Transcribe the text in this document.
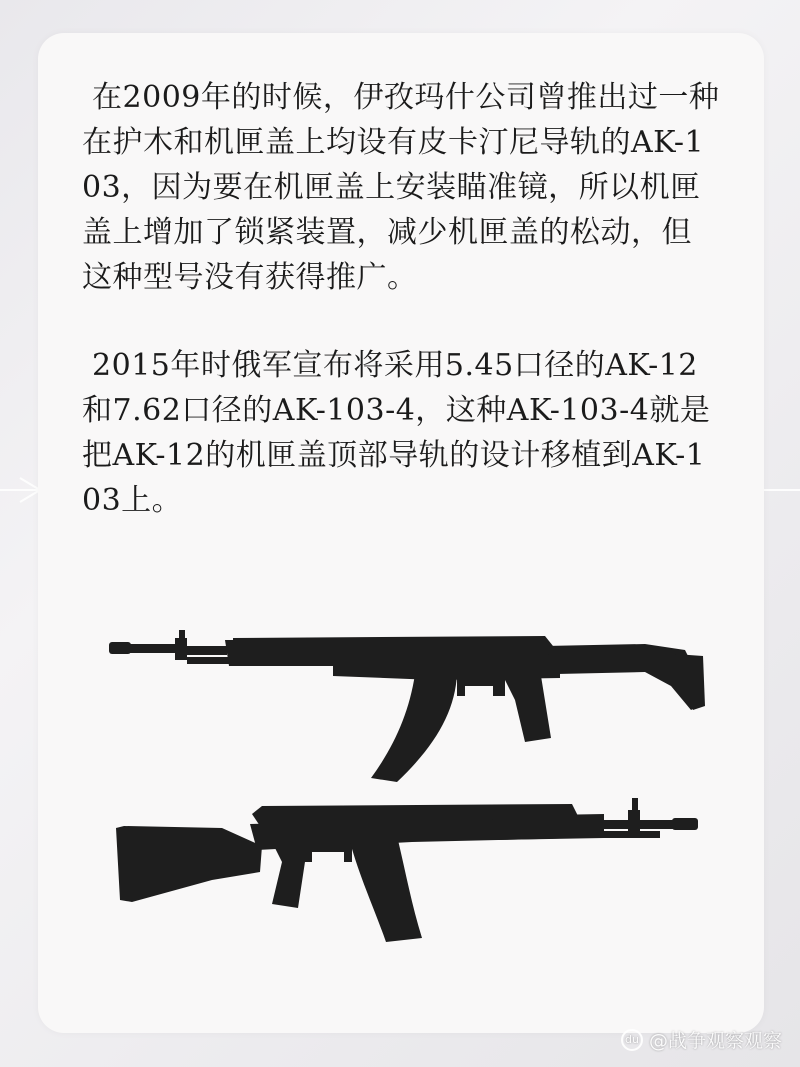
在2009年的时候，伊孜玛什公司曾推出过一种在护木和机匣盖上均设有皮卡汀尼导轨的AK-103，因为要在机匣盖上安装瞄准镜，所以机匣盖上增加了锁紧装置，减少机匣盖的松动，但这种型号没有获得推广。

2015年时俄军宣布将采用5.45口径的AK-12和7.62口径的AK-103-4，这种AK-103-4就是把AK-12的机匣盖顶部导轨的设计移植到AK-103上。

du @战争观察观察
